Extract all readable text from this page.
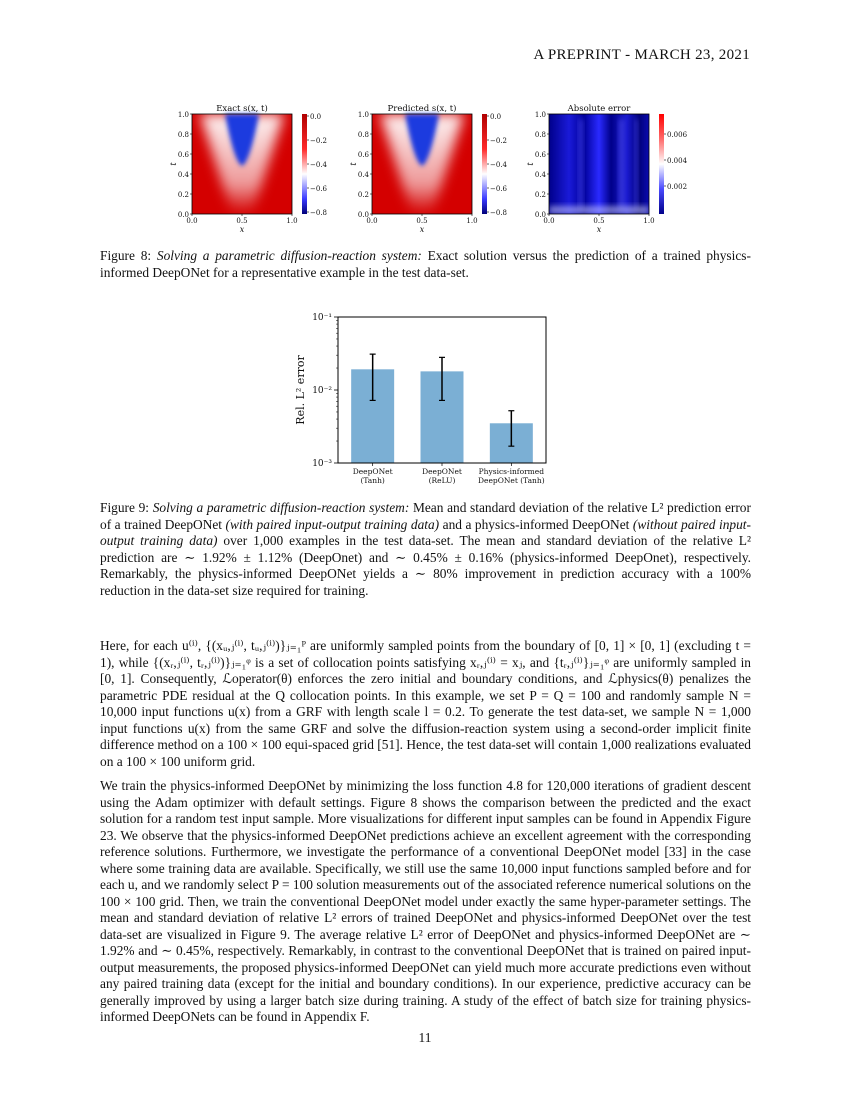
A PREPRINT - MARCH 23, 2021
Exact s(x, t)
1.0
0.8
0.6
0.4
0.2
0.0
0.0	0.5	1.0
x
t
0.0
−0.2
−0.4
−0.6
−0.8
Predicted s(x, t)
1.0
0.8
0.6
0.4
0.2
0.0
0.0	0.5	1.0
x
t
0.0
−0.2
−0.4
−0.6
−0.8
Absolute error
1.0
0.8
0.6
0.4
0.2
0.0
0.0	0.5	1.0
x
t
0.006
0.004
0.002
Figure 8: Solving a parametric diffusion-reaction system: Exact solution versus the prediction of a trained physics-informed DeepONet for a representative example in the test data-set.
10⁻¹
10⁻²
10⁻³
DeepONet
(Tanh)
DeepONet
(ReLU)
Physics-informed
DeepONet (Tanh)
Rel. L² error
Figure 9: Solving a parametric diffusion-reaction system: Mean and standard deviation of the relative L² prediction error of a trained DeepONet (with paired input-output training data) and a physics-informed DeepONet (without paired input-output training data) over 1,000 examples in the test data-set. The mean and standard deviation of the relative L² prediction are ∼ 1.92% ± 1.12% (DeepOnet) and ∼ 0.45% ± 0.16% (physics-informed DeepOnet), respectively. Remarkably, the physics-informed DeepONet yields a ∼ 80% improvement in prediction accuracy with a 100% reduction in the data-set size required for training.

Here, for each u⁽ⁱ⁾, {(xᵤ,ⱼ⁽ⁱ⁾, tᵤ,ⱼ⁽ⁱ⁾)}ⱼ₌₁ᴾ are uniformly sampled points from the boundary of [0, 1] × [0, 1] (excluding t = 1), while {(xᵣ,ⱼ⁽ⁱ⁾, tᵣ,ⱼ⁽ⁱ⁾)}ⱼ₌₁ᵠ is a set of collocation points satisfying xᵣ,ⱼ⁽ⁱ⁾ = xⱼ, and {tᵣ,ⱼ⁽ⁱ⁾}ⱼ₌₁ᵠ are uniformly sampled in [0, 1]. Consequently, ℒoperator(θ) enforces the zero initial and boundary conditions, and ℒphysics(θ) penalizes the parametric PDE residual at the Q collocation points. In this example, we set P = Q = 100 and randomly sample N = 10,000 input functions u(x) from a GRF with length scale l = 0.2. To generate the test data-set, we sample N = 1,000 input functions u(x) from the same GRF and solve the diffusion-reaction system using a second-order implicit finite difference method on a 100 × 100 equi-spaced grid [51]. Hence, the test data-set will contain 1,000 realizations evaluated on a 100 × 100 uniform grid.

We train the physics-informed DeepONet by minimizing the loss function 4.8 for 120,000 iterations of gradient descent using the Adam optimizer with default settings. Figure 8 shows the comparison between the predicted and the exact solution for a random test input sample. More visualizations for different input samples can be found in Appendix Figure 23. We observe that the physics-informed DeepONet predictions achieve an excellent agreement with the corresponding reference solutions. Furthermore, we investigate the performance of a conventional DeepONet model [33] in the case where some training data are available. Specifically, we still use the same 10,000 input functions sampled before and for each u, and we randomly select P = 100 solution measurements out of the associated reference numerical solutions on the 100 × 100 grid. Then, we train the conventional DeepONet model under exactly the same hyper-parameter settings. The mean and standard deviation of relative L² errors of trained DeepONet and physics-informed DeepONet over the test data-set are visualized in Figure 9. The average relative L² error of DeepONet and physics-informed DeepONet are ∼ 1.92% and ∼ 0.45%, respectively. Remarkably, in contrast to the conventional DeepONet that is trained on paired input-output measurements, the proposed physics-informed DeepONet can yield much more accurate predictions even without any paired training data (except for the initial and boundary conditions). In our experience, predictive accuracy can be generally improved by using a larger batch size during training. A study of the effect of batch size for training physics-informed DeepONets can be found in Appendix F.

11
